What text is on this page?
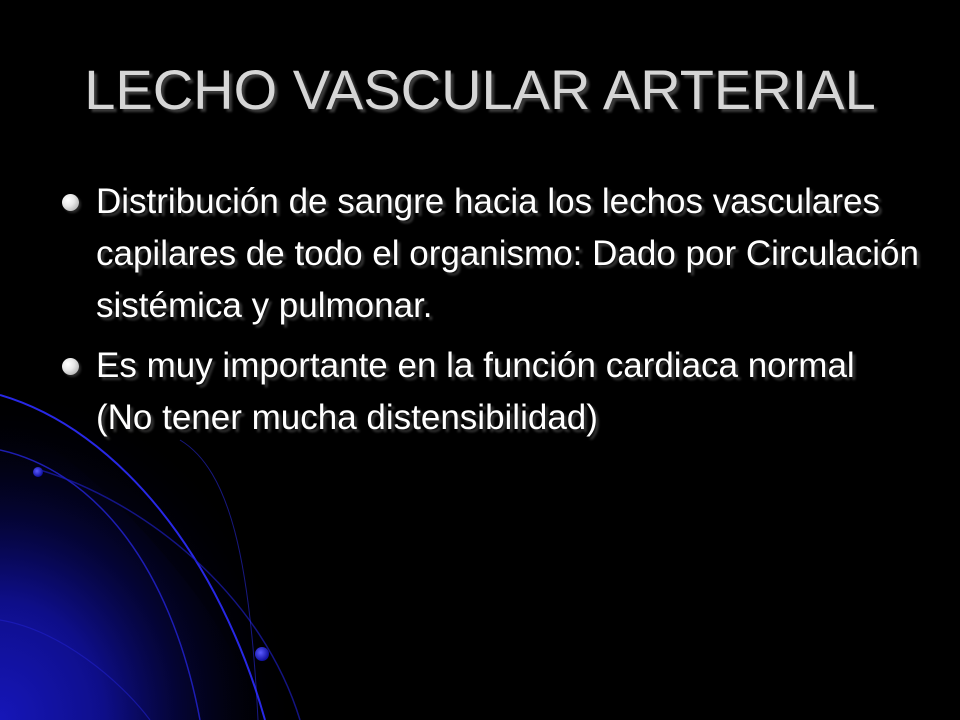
LECHO VASCULAR ARTERIAL
Distribución de sangre hacia los lechos vasculares capilares de todo el organismo: Dado por Circulación sistémica y pulmonar.
Es muy importante en la función cardiaca normal (No tener mucha distensibilidad)
